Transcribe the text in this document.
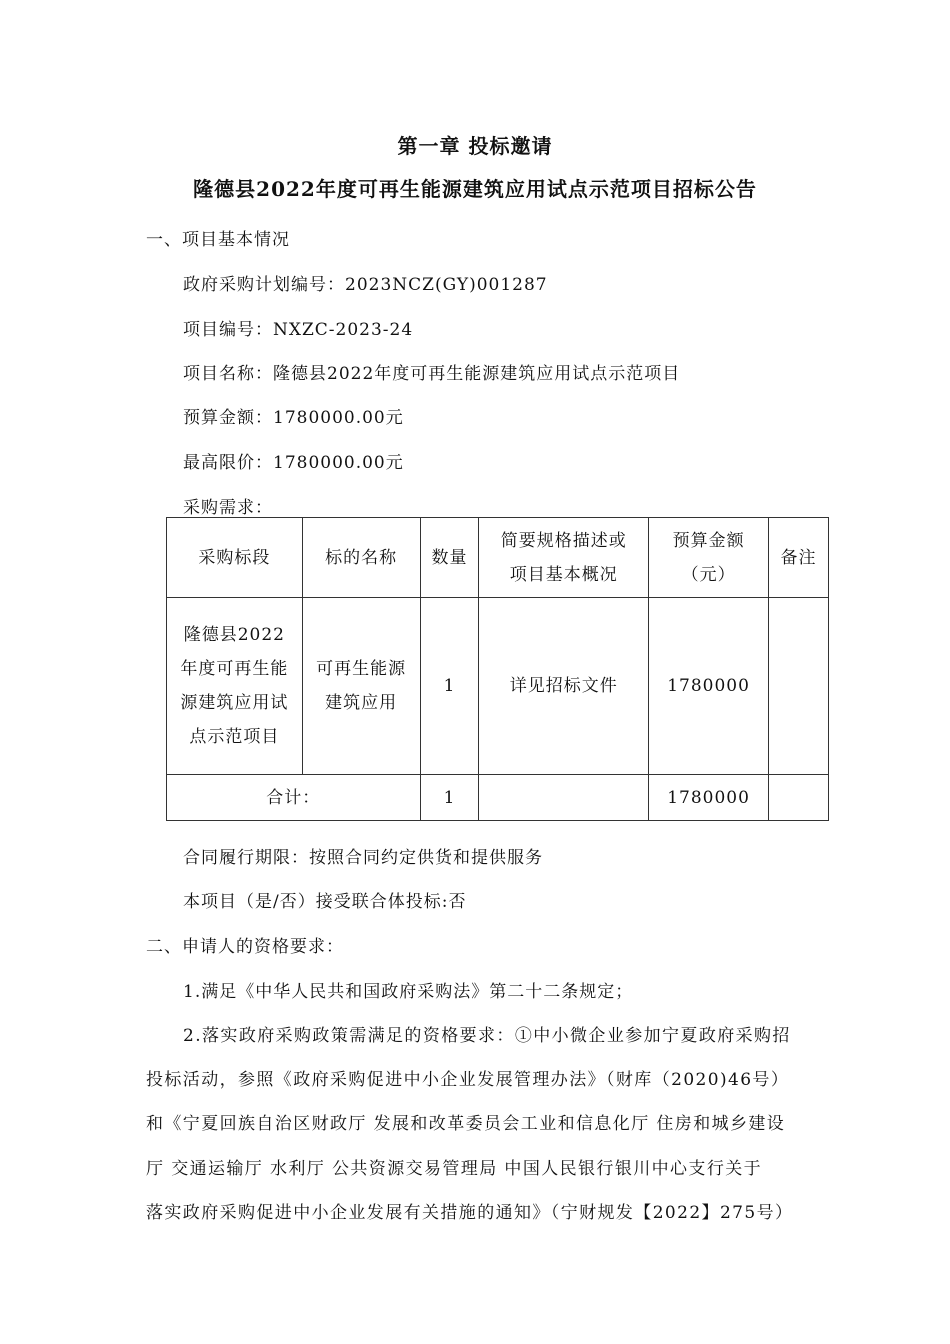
第一章 投标邀请
隆德县2022年度可再生能源建筑应用试点示范项目招标公告
一、项目基本情况
政府采购计划编号：2023NCZ(GY)001287
项目编号：NXZC-2023-24
项目名称：隆德县2022年度可再生能源建筑应用试点示范项目
预算金额：1780000.00元
最高限价：1780000.00元
采购需求：
采购标段	标的名称	数量	简要规格描述或项目基本概况	预算金额（元）	备注
隆德县2022年度可再生能源建筑应用试点示范项目	可再生能源建筑应用	1	详见招标文件	1780000	
合计：		1		1780000	
合同履行期限：按照合同约定供货和提供服务
本项目（是/否）接受联合体投标:否
二、申请人的资格要求：
1.满足《中华人民共和国政府采购法》第二十二条规定；
2.落实政府采购政策需满足的资格要求：①中小微企业参加宁夏政府采购招
投标活动，参照《政府采购促进中小企业发展管理办法》（财库（2020)46号）
和《宁夏回族自治区财政厅 发展和改革委员会工业和信息化厅 住房和城乡建设
厅 交通运输厅 水利厅 公共资源交易管理局 中国人民银行银川中心支行关于
落实政府采购促进中小企业发展有关措施的通知》（宁财规发【2022】275号）
